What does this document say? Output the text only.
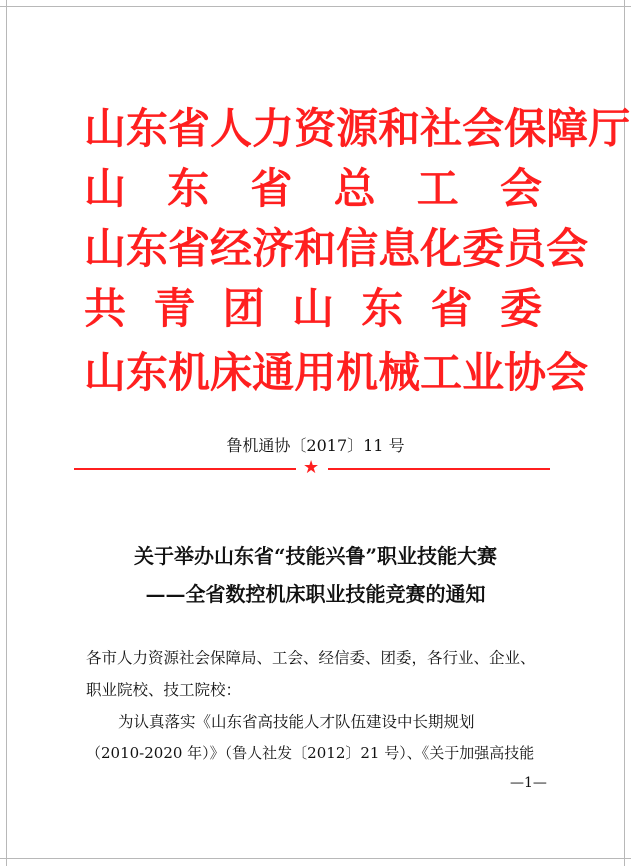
山 东 省 人 力 资 源 和 社 会 保 障 厅
山 东 省 总 工 会
山 东 省 经 济 和 信 息 化 委 员 会
共 青 团 山 东 省 委
山 东 机 床 通 用 机 械 工 业 协 会
鲁机通协〔2017〕11 号
★
关于举办山东省“技能兴鲁”职业技能大赛
——全省数控机床职业技能竞赛的通知
各市人力资源社会保障局、工会、经信委、团委，各行业、企业、
职业院校、技工院校：
为认真落实《山东省高技能人才队伍建设中长期规划
（2010-2020 年）》（鲁人社发〔2012〕21 号）、《关于加强高技能
—1—
